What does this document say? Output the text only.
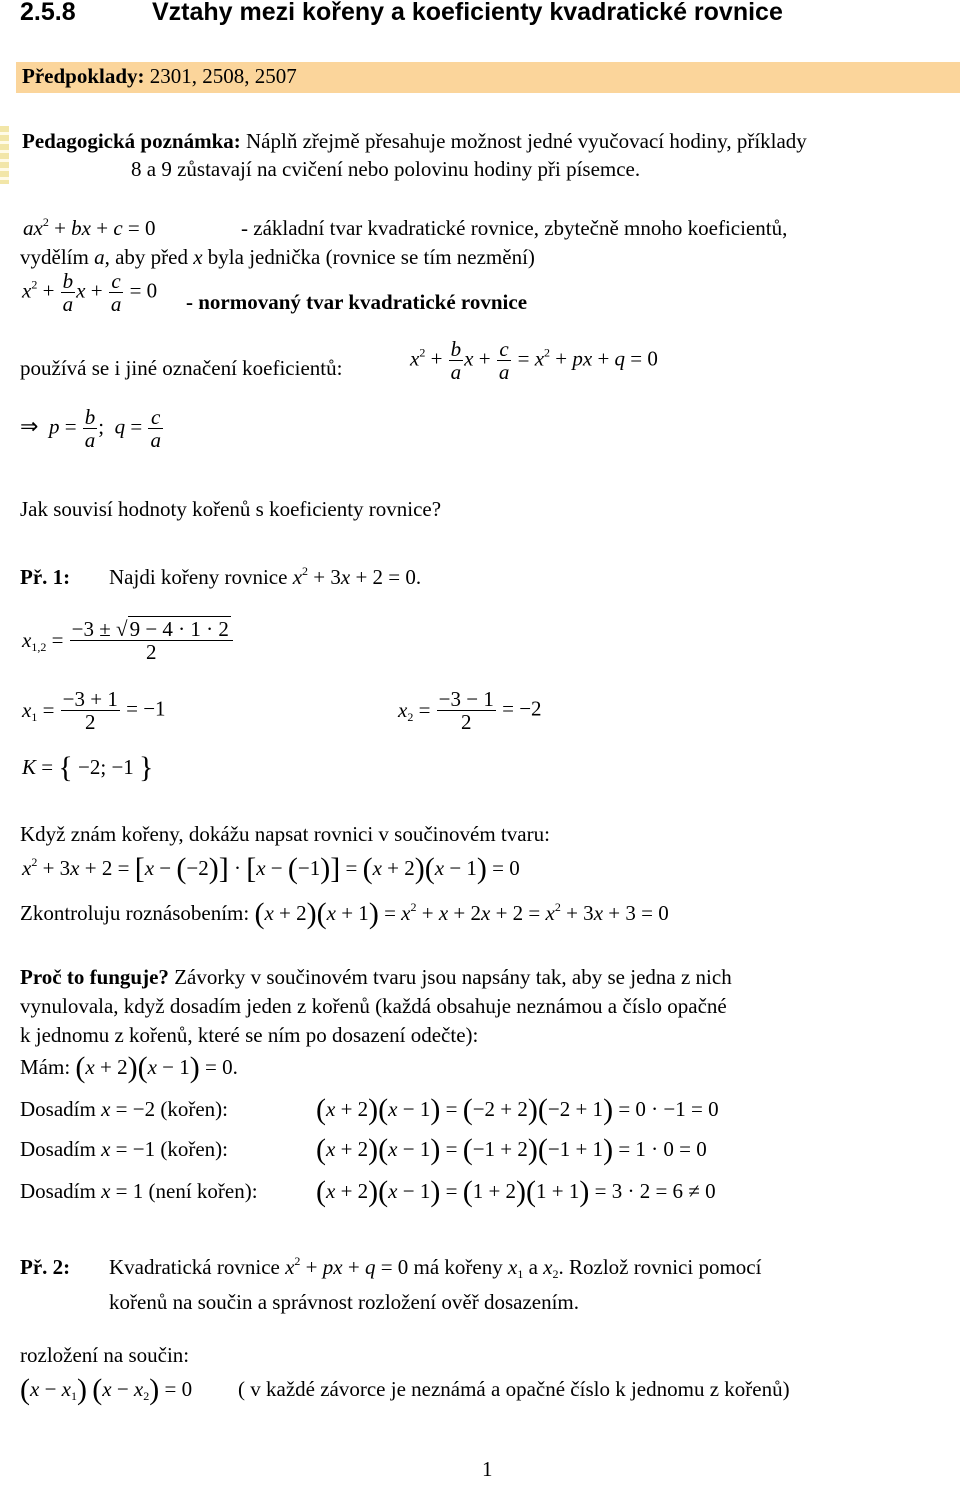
2.5.8	Vztahy mezi kořeny a koeficienty kvadratické rovnice
Předpoklady: 2301, 2508, 2507
Pedagogická poznámka: Náplň zřejmě přesahuje možnost jedné vyučovací hodiny, příklady
8 a 9 zůstavají na cvičení nebo polovinu hodiny při písemce.
$ax^2$ + bx + c = 0	- základní tvar kvadratické rovnice, zbytečně mnoho koeficientů,
vydělím a, aby před x byla jednička (rovnice se tím nezmění)
$x^2 + \frac{b}{a}$ $x + \frac{c}{a} = 0$ - normovaný tvar kvadratické rovnice
používá se i jiné označení koeficientů:	$x^2 + \frac{b}{a}$ $x + \frac{c}{a} = x^2$ + px + q = 0
⇒ $p = \frac{b}{a}$ ;  $q = \frac{c}{a}$
Jak souvisí hodnoty kořenů s koeficienty rovnice?
Př. 1: Najdi kořeny rovnice $x^2 + 3x + 2 = 0$.
$x_{1,2} = \frac{-3 \pm √9 - 4 \cdot 1 \cdot 2}{2}$
$x_1 = \frac{-3 + 1}{2} = -1$	$x_2 = \frac{-3 - 1}{2} = -2$
K = { −2; −1 }
Když znám kořeny, dokážu napsat rovnici v součinovém tvaru:
$x^2 + 3x + 2 = [x - (-2)] \cdot [x - (-1)] = (x + 2)(x - 1) = 0$
Zkontroluju roznásobením: $(x + 2)(x + 1) = x^2 + x + 2x + 2 = x^2 + 3x + 3 = 0$
Proč to funguje? Závorky v součinovém tvaru jsou napsány tak, aby se jedna z nich
vynulovala, když dosadím jeden z kořenů (každá obsahuje neznámou a číslo opačné
k jednomu z kořenů, které se ním po dosazení odečte):
Mám: (x + 2)(x − 1) = 0.
Dosadím x = −2 (kořen):	(x + 2)(x − 1) = (−2 + 2)(−2 + 1) = 0 · −1 = 0
Dosadím x = −1 (kořen):	(x + 2)(x − 1) = (−1 + 2)(−1 + 1) = 1 · 0 = 0
Dosadím x = 1 (není kořen): (x + 2)(x − 1) = (1 + 2)(1 + 1) = 3 · 2 = 6 ≠ 0
Př. 2: Kvadratická rovnice $x^2$ + px + q = 0 má kořeny $x_1$ a $x_2$. Rozlož rovnici pomocí
kořenů na součin a správnost rozložení ověř dosazením.
rozložení na součin:
$(x - x_1)$ $(x - x_2) = 0$ ( v každé závorce je neznámá a opačné číslo k jednomu z kořenů)
1
